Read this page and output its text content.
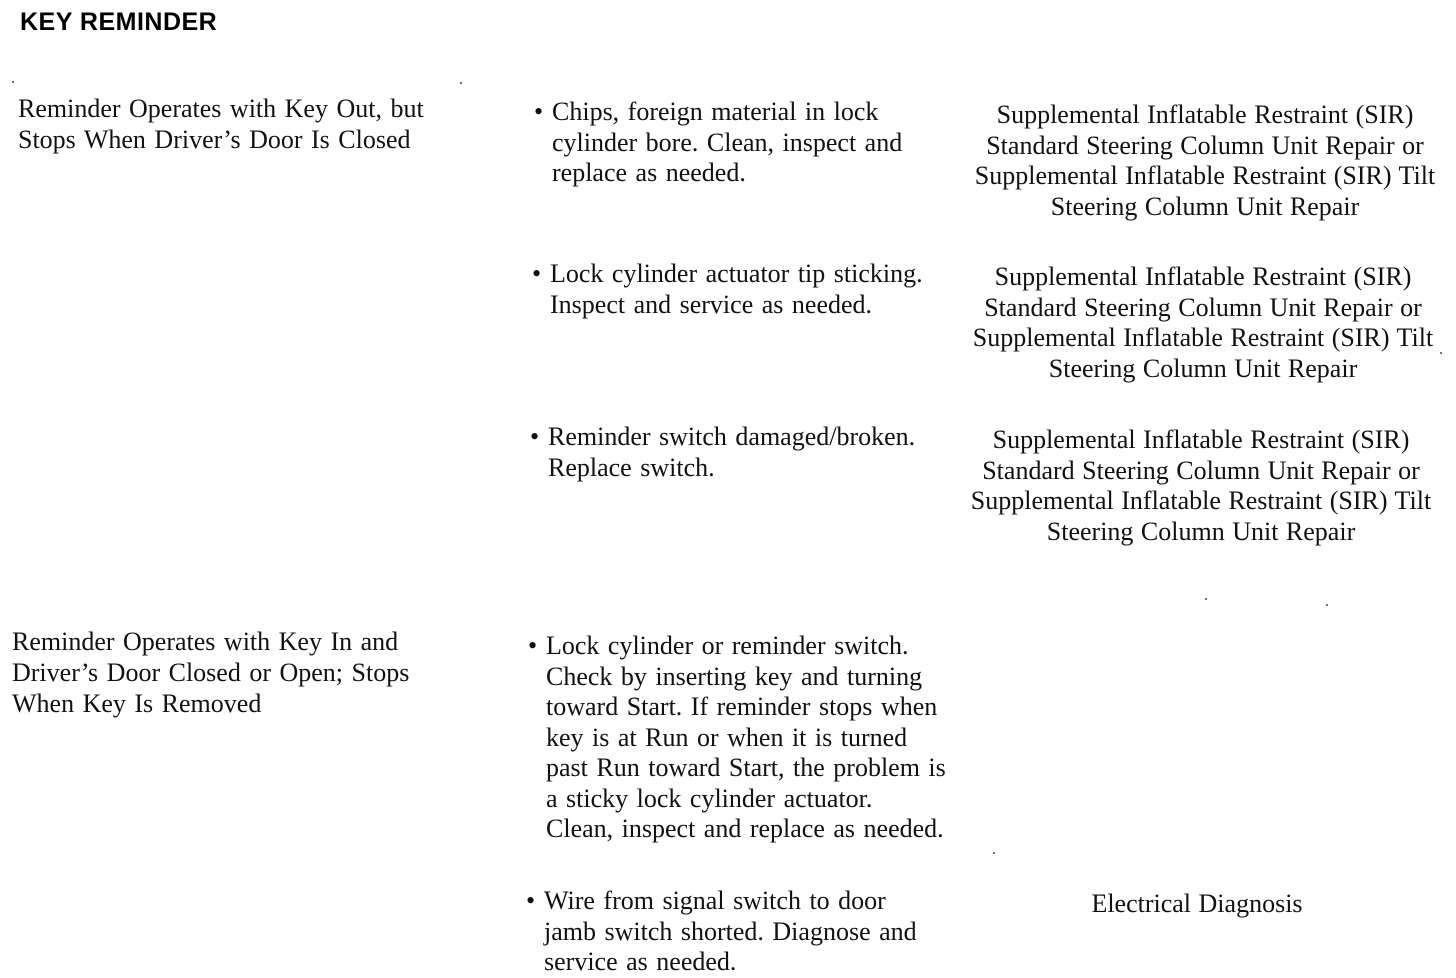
KEY REMINDER
Reminder Operates with Key Out, but Stops When Driver’s Door Is Closed
• Chips, foreign material in lock cylinder bore. Clean, inspect and replace as needed.
Supplemental Inflatable Restraint (SIR) Standard Steering Column Unit Repair or Supplemental Inflatable Restraint (SIR) Tilt Steering Column Unit Repair
• Lock cylinder actuator tip sticking. Inspect and service as needed.
Supplemental Inflatable Restraint (SIR) Standard Steering Column Unit Repair or Supplemental Inflatable Restraint (SIR) Tilt Steering Column Unit Repair
• Reminder switch damaged/broken. Replace switch.
Supplemental Inflatable Restraint (SIR) Standard Steering Column Unit Repair or Supplemental Inflatable Restraint (SIR) Tilt Steering Column Unit Repair
Reminder Operates with Key In and Driver’s Door Closed or Open; Stops When Key Is Removed
• Lock cylinder or reminder switch. Check by inserting key and turning toward Start. If reminder stops when key is at Run or when it is turned past Run toward Start, the problem is a sticky lock cylinder actuator. Clean, inspect and replace as needed.
• Wire from signal switch to door jamb switch shorted. Diagnose and service as needed.
Electrical Diagnosis
